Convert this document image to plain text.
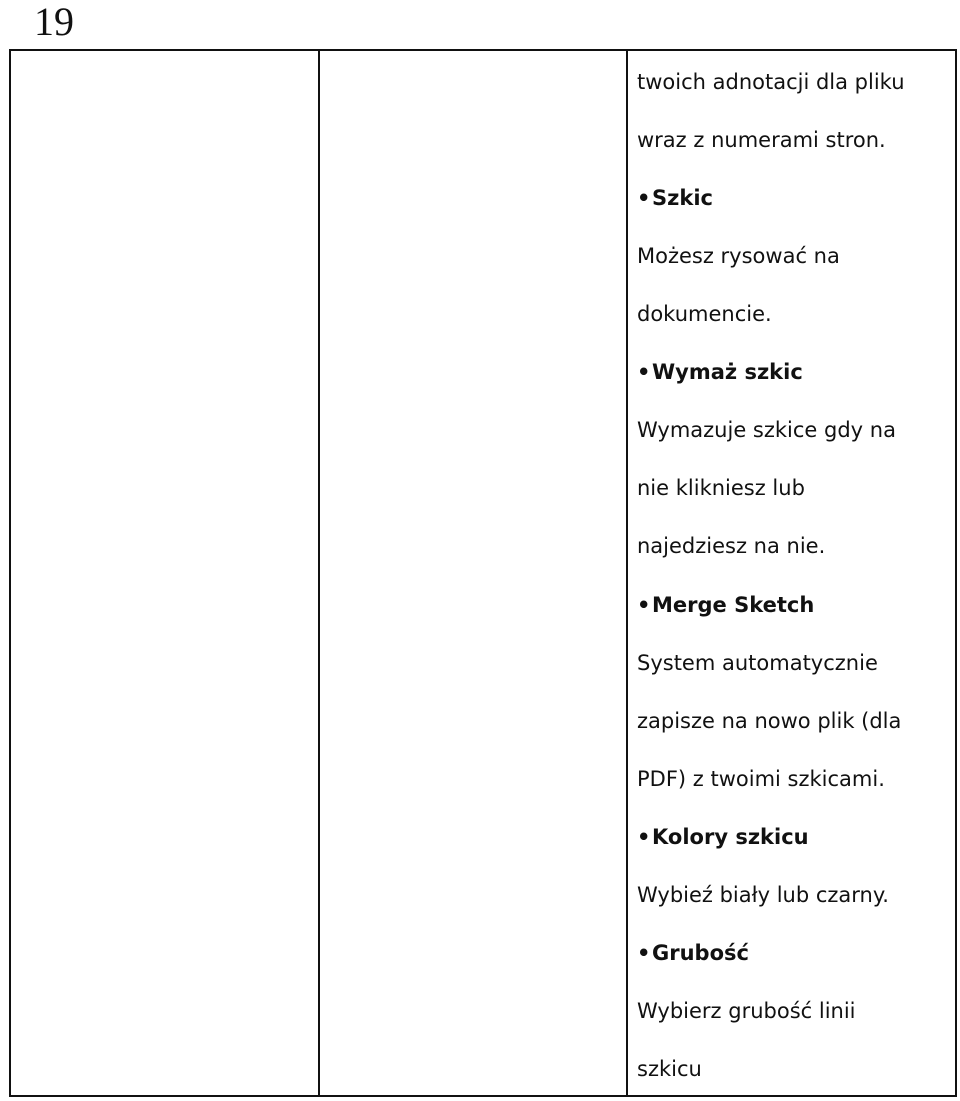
19
twoich adnotacji dla pliku
wraz z numerami stron.
•Szkic
Możesz rysować na
dokumencie.
•Wymaż szkic
Wymazuje szkice gdy na
nie klikniesz lub
najedziesz na nie.
•Merge Sketch
System automatycznie
zapisze na nowo plik (dla
PDF) z twoimi szkicami.
•Kolory szkicu
Wybieź biały lub czarny.
•Grubość
Wybierz grubość linii
szkicu
